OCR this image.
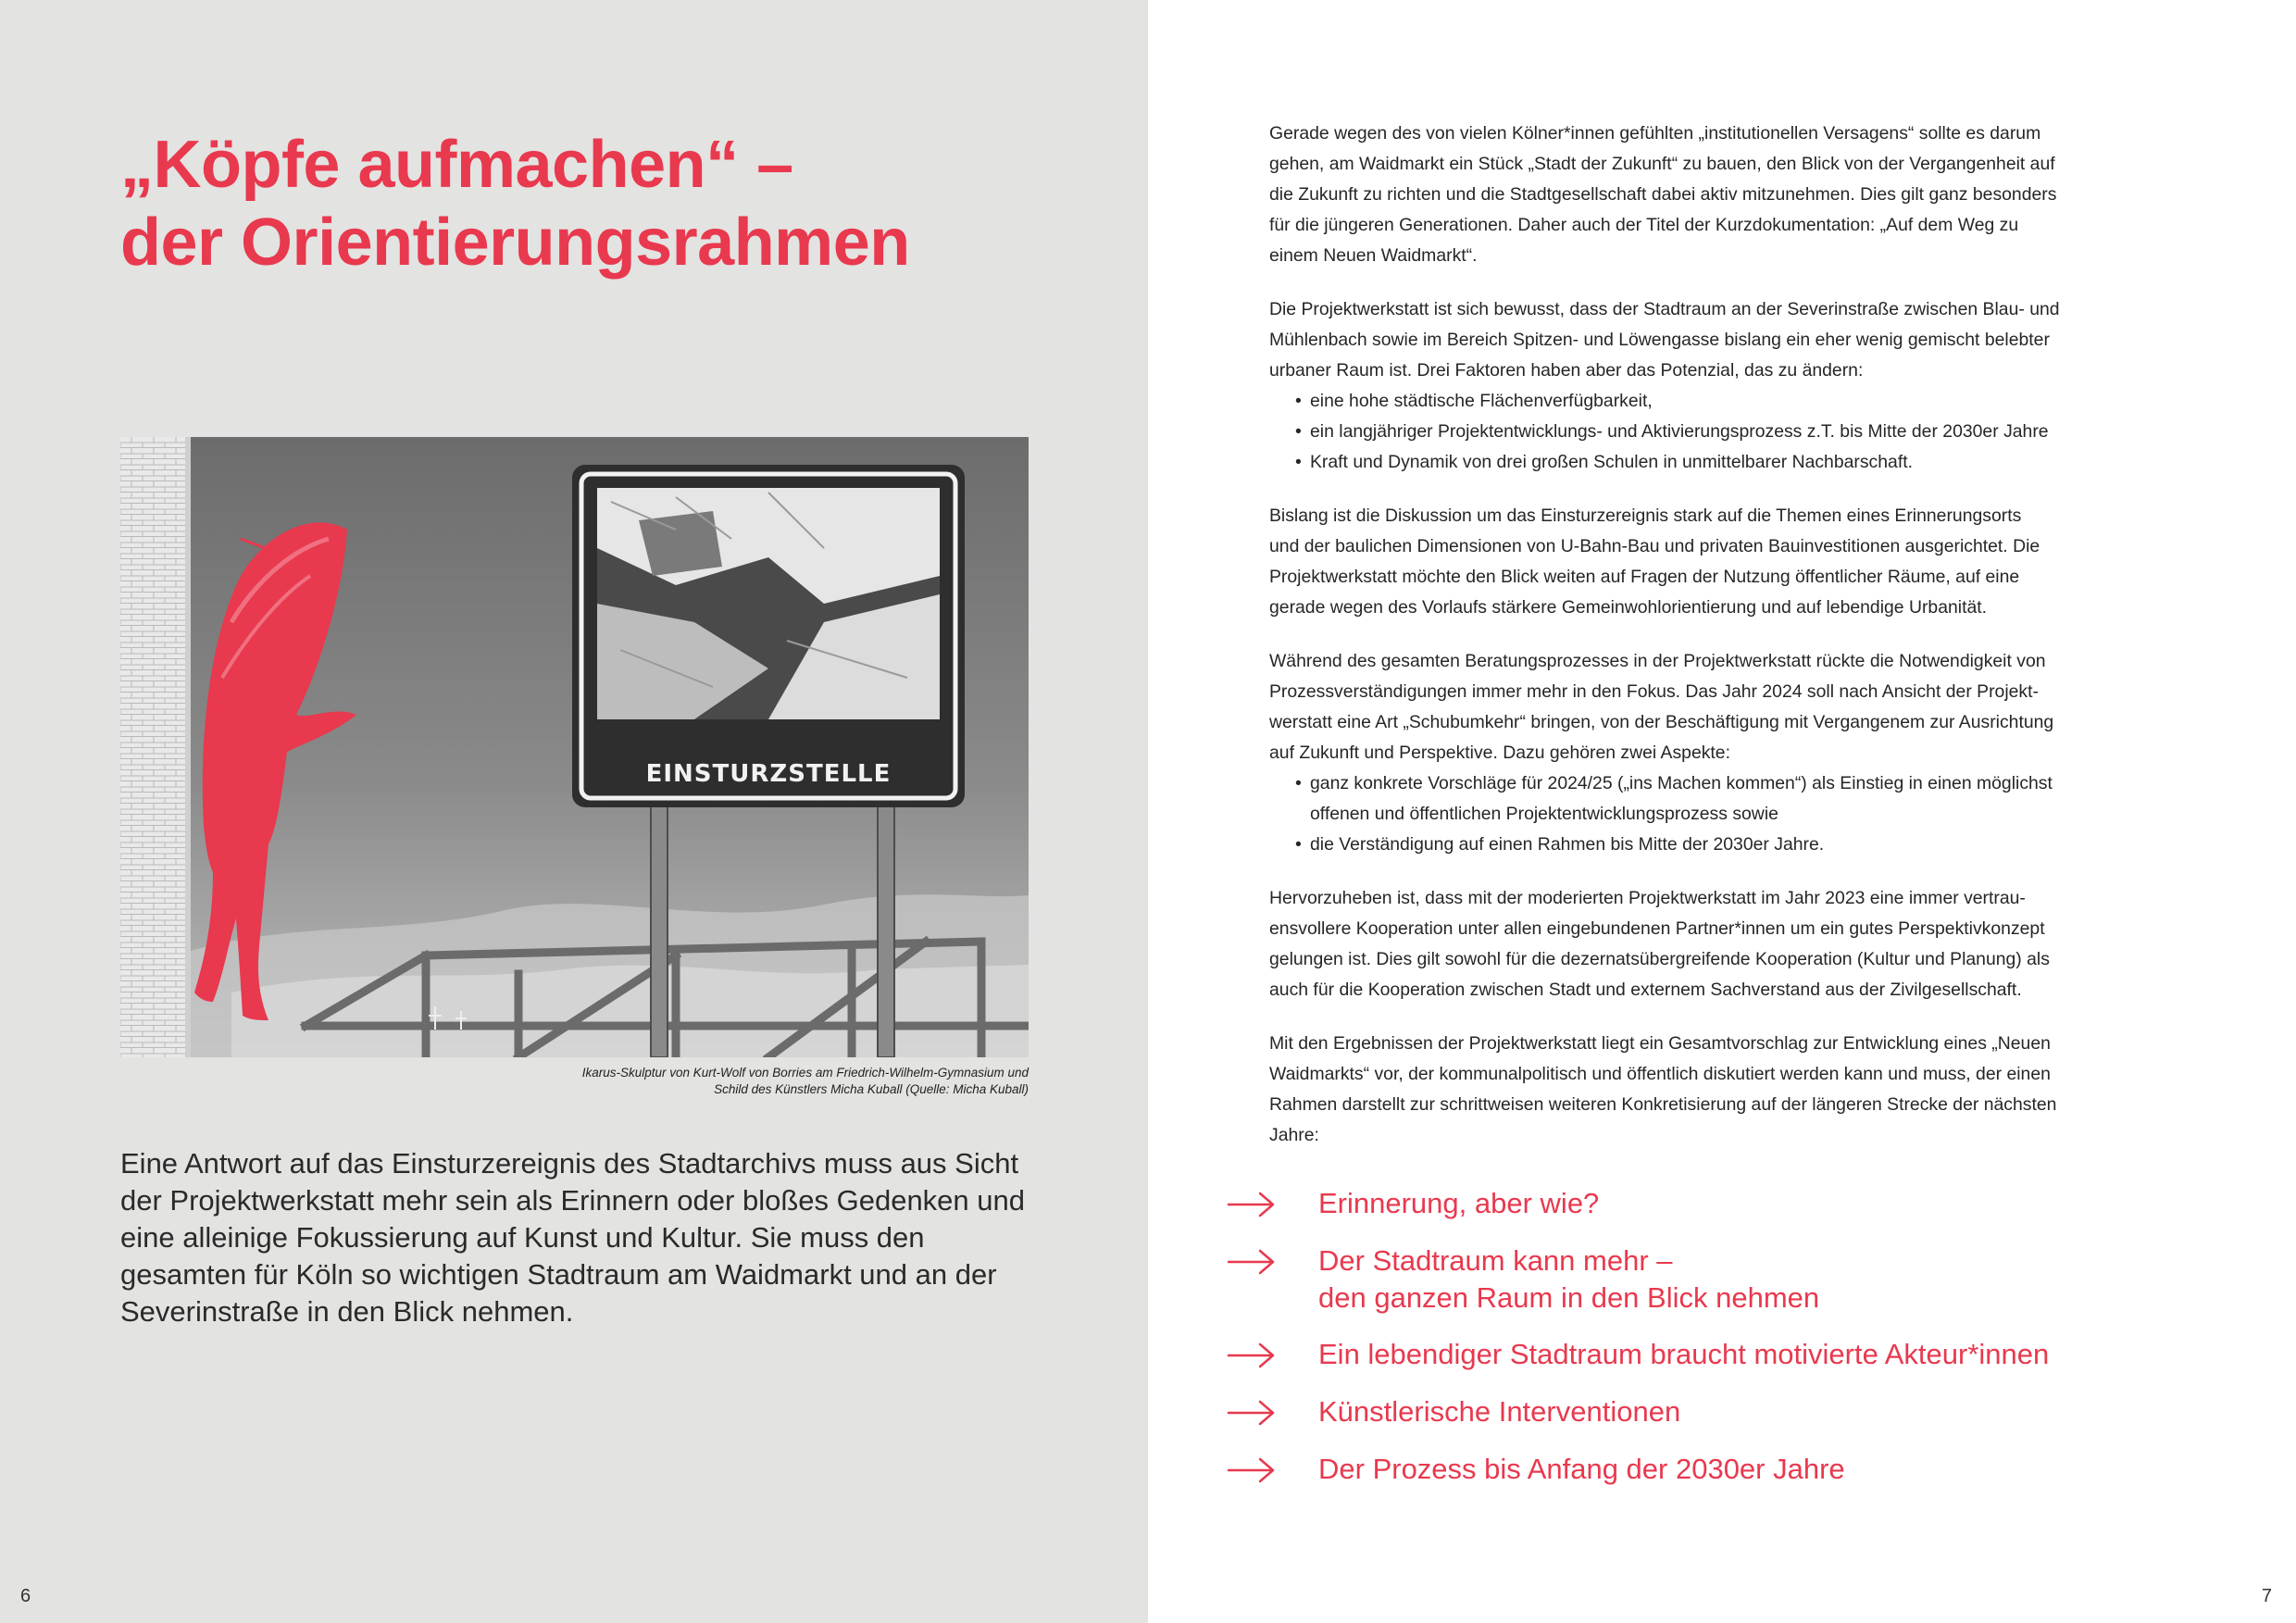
„Köpfe aufmachen“ –
der Orientierungsrahmen
EINSTURZSTELLE

Ikarus-Skulptur von Kurt-Wolf von Borries am Friedrich-Wilhelm-Gymnasium und
Schild des Künstlers Micha Kuball (Quelle: Micha Kuball)

Eine Antwort auf das Einsturzereignis des Stadtarchivs muss aus Sicht der Projektwerkstatt mehr sein als Erinnern oder bloßes Gedenken und eine alleinige Fokussierung auf Kunst und Kultur. Sie muss den gesamten für Köln so wichtigen Stadtraum am Waidmarkt und an der Severinstraße in den Blick nehmen.

6
Gerade wegen des von vielen Kölner*innen gefühlten „institutionellen Versagens“ sollte es darum
gehen, am Waidmarkt ein Stück „Stadt der Zukunft“ zu bauen, den Blick von der Vergangenheit auf
die Zukunft zu richten und die Stadtgesellschaft dabei aktiv mitzunehmen. Dies gilt ganz besonders
für die jüngeren Generationen. Daher auch der Titel der Kurzdokumentation: „Auf dem Weg zu
einem Neuen Waidmarkt“.
Die Projektwerkstatt ist sich bewusst, dass der Stadtraum an der Severinstraße zwischen Blau- und
Mühlenbach sowie im Bereich Spitzen- und Löwengasse bislang ein eher wenig gemischt belebter
urbaner Raum ist. Drei Faktoren haben aber das Potenzial, das zu ändern:
• eine hohe städtische Flächenverfügbarkeit,
• ein langjähriger Projektentwicklungs- und Aktivierungsprozess z.T. bis Mitte der 2030er Jahre
• Kraft und Dynamik von drei großen Schulen in unmittelbarer Nachbarschaft.
Bislang ist die Diskussion um das Einsturzereignis stark auf die Themen eines Erinnerungsorts
und der baulichen Dimensionen von U-Bahn-Bau und privaten Bauinvestitionen ausgerichtet. Die
Projektwerkstatt möchte den Blick weiten auf Fragen der Nutzung öffentlicher Räume, auf eine
gerade wegen des Vorlaufs stärkere Gemeinwohlorientierung und auf lebendige Urbanität.
Während des gesamten Beratungsprozesses in der Projektwerkstatt rückte die Notwendigkeit von
Prozessverständigungen immer mehr in den Fokus. Das Jahr 2024 soll nach Ansicht der Projekt-
werstatt eine Art „Schubumkehr“ bringen, von der Beschäftigung mit Vergangenem zur Ausrichtung
auf Zukunft und Perspektive. Dazu gehören zwei Aspekte:
• ganz konkrete Vorschläge für 2024/25 („ins Machen kommen“) als Einstieg in einen möglichst
offenen und öffentlichen Projektentwicklungsprozess sowie
• die Verständigung auf einen Rahmen bis Mitte der 2030er Jahre.
Hervorzuheben ist, dass mit der moderierten Projektwerkstatt im Jahr 2023 eine immer vertrau-
ensvollere Kooperation unter allen eingebundenen Partner*innen um ein gutes Perspektivkonzept
gelungen ist. Dies gilt sowohl für die dezernatsübergreifende Kooperation (Kultur und Planung) als
auch für die Kooperation zwischen Stadt und externem Sachverstand aus der Zivilgesellschaft.
Mit den Ergebnissen der Projektwerkstatt liegt ein Gesamtvorschlag zur Entwicklung eines „Neuen
Waidmarkts“ vor, der kommunalpolitisch und öffentlich diskutiert werden kann und muss, der einen
Rahmen darstellt zur schrittweisen weiteren Konkretisierung auf der längeren Strecke der nächsten
Jahre:
Erinnerung, aber wie?
Der Stadtraum kann mehr –
den ganzen Raum in den Blick nehmen
Ein lebendiger Stadtraum braucht motivierte Akteur*innen
Künstlerische Interventionen
Der Prozess bis Anfang der 2030er Jahre
7
